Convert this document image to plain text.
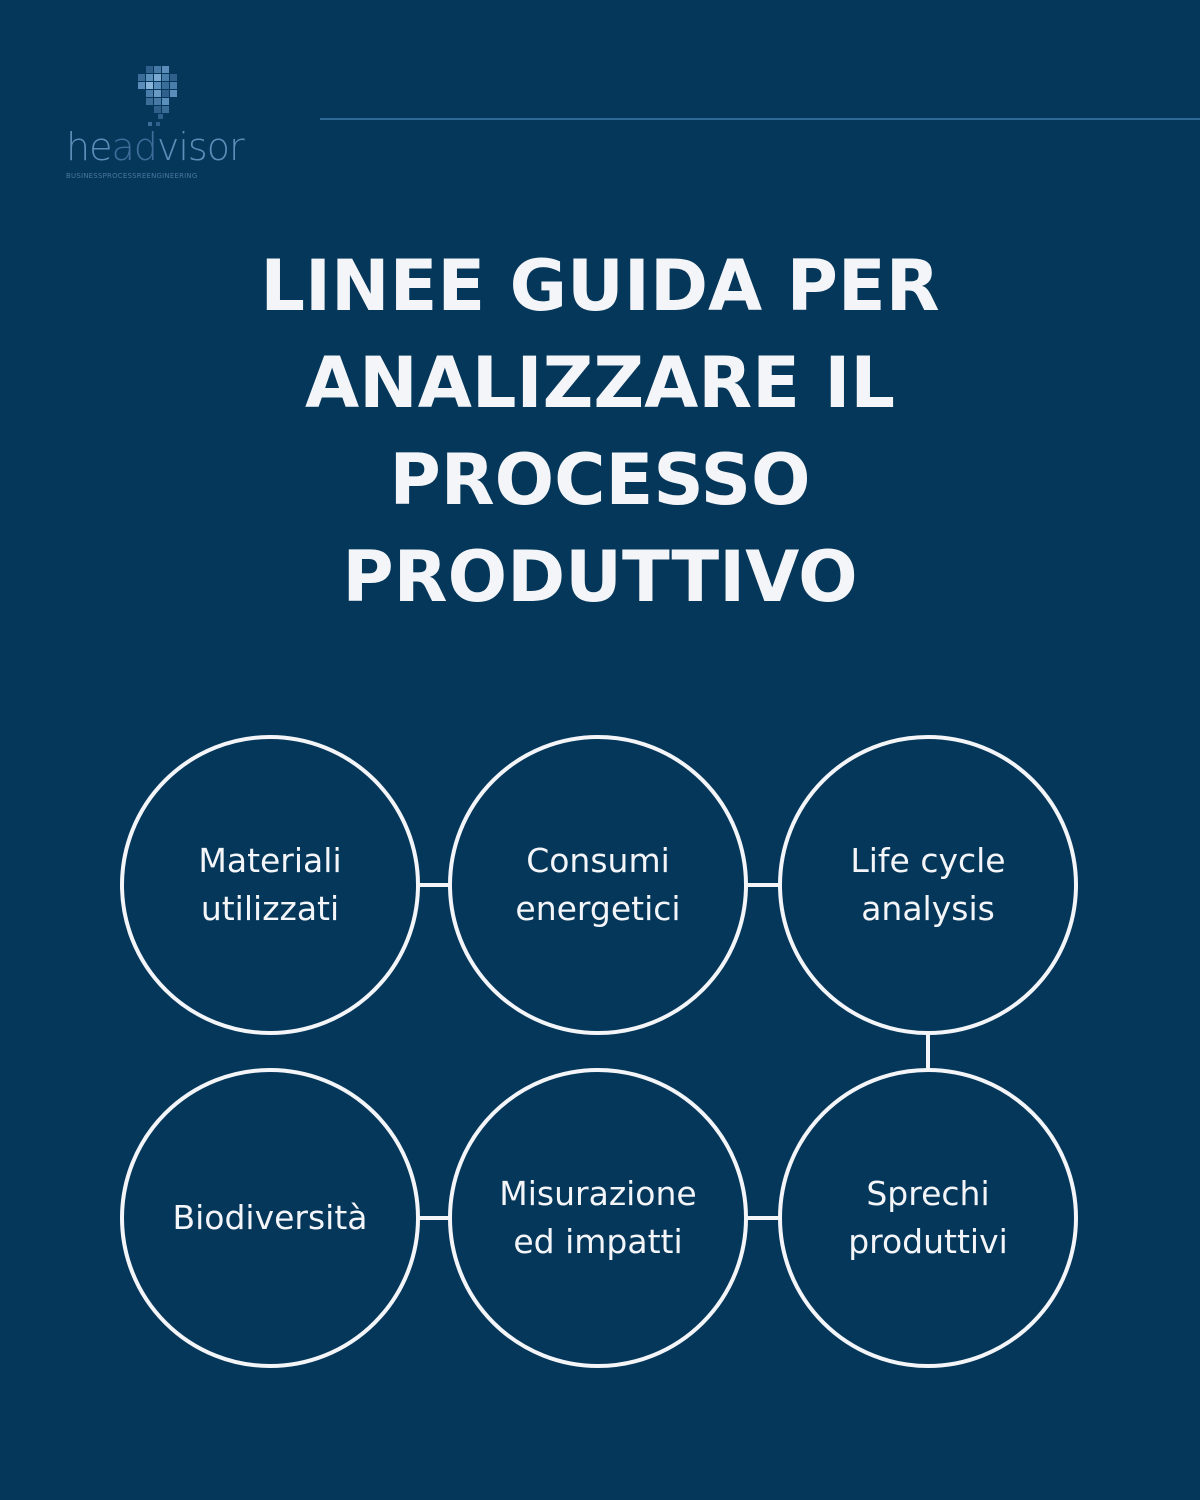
headvisor
BUSINESSPROCESSREENGINEERING
LINEE GUIDA PER
ANALIZZARE IL
PROCESSO
PRODUTTIVO
Materiali
utilizzati
Consumi
energetici
Life cycle
analysis
Biodiversità
Misurazione
ed impatti
Sprechi
produttivi
